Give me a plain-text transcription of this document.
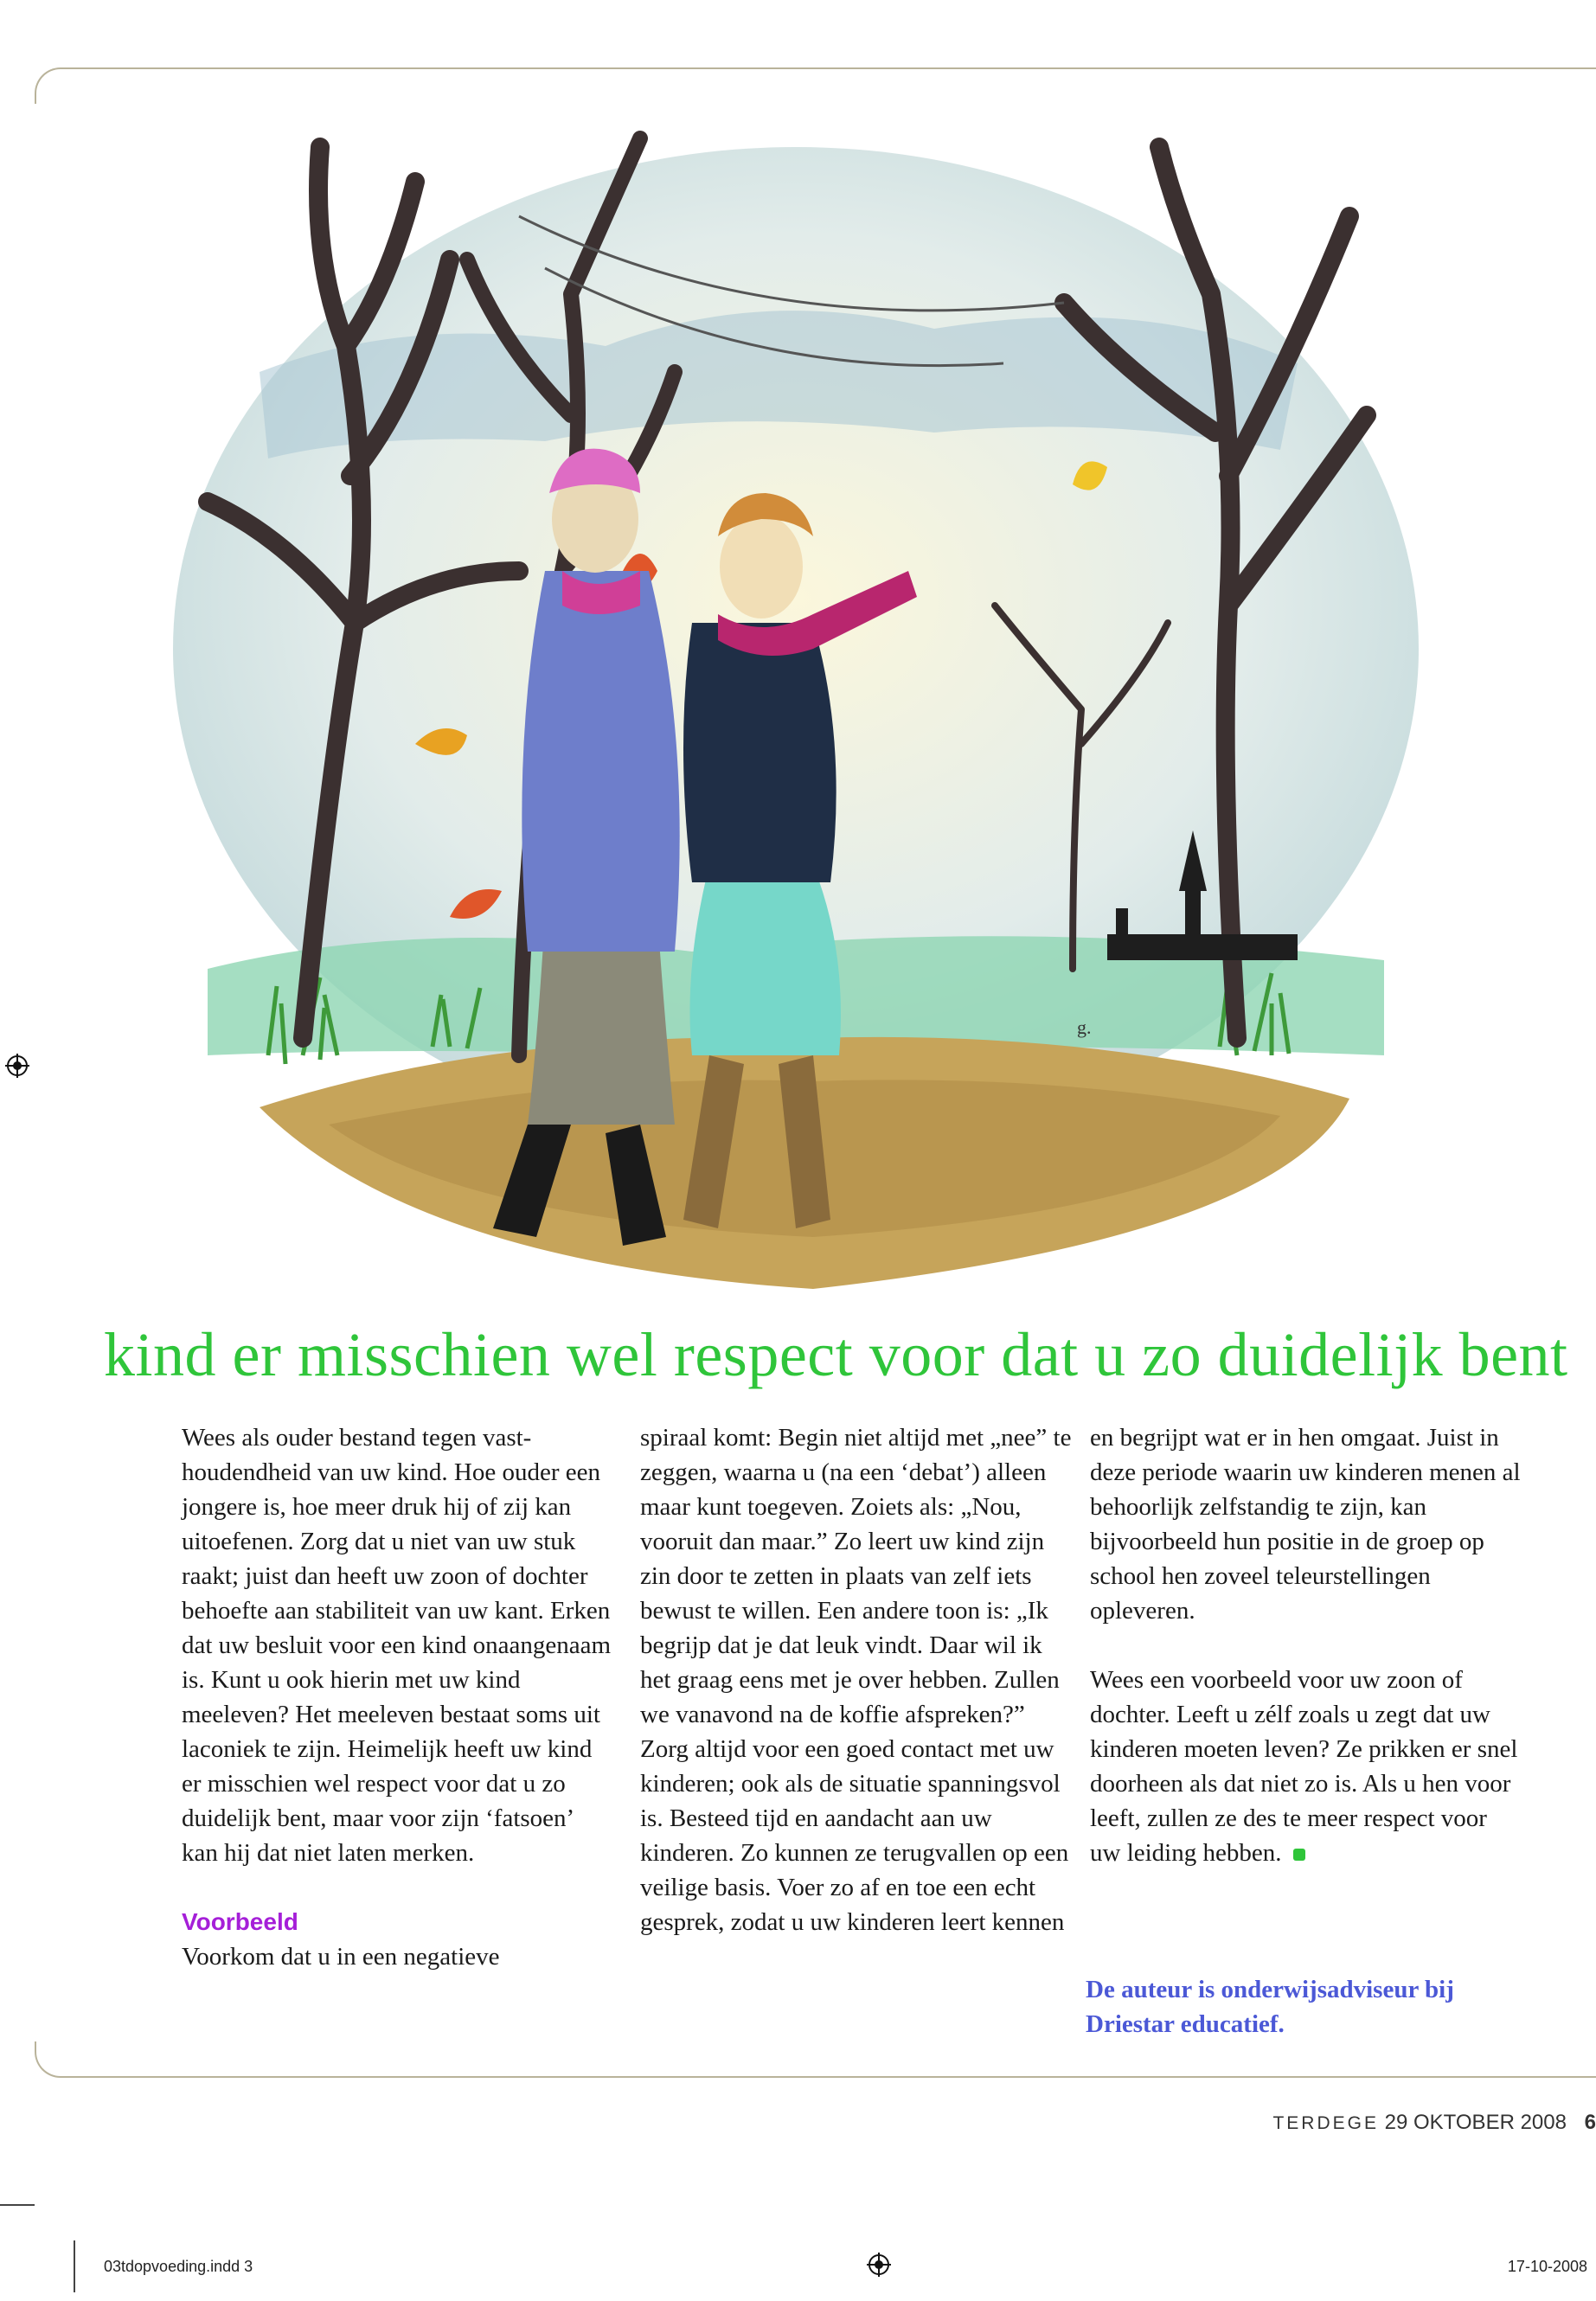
g.
kind er misschien wel respect voor dat u zo duidelijk bent

Wees als ouder bestand tegen vast-houdendheid van uw kind. Hoe ouder een jongere is, hoe meer druk hij of zij kan uitoefenen. Zorg dat u niet van uw stuk raakt; juist dan heeft uw zoon of dochter behoefte aan stabiliteit van uw kant. Erken dat uw besluit voor een kind onaangenaam is. Kunt u ook hierin met uw kind meeleven? Het meeleven bestaat soms uit laconiek te zijn. Heimelijk heeft uw kind er misschien wel respect voor dat u zo duidelijk bent, maar voor zijn ‘fatsoen’ kan hij dat niet laten merken.

Voorbeeld

Voorkom dat u in een negatieve

spiraal komt: Begin niet altijd met „nee” te zeggen, waarna u (na een ‘debat’) alleen maar kunt toegeven. Zoiets als: „Nou, vooruit dan maar.” Zo leert uw kind zijn zin door te zetten in plaats van zelf iets bewust te willen. Een andere toon is: „Ik begrijp dat je dat leuk vindt. Daar wil ik het graag eens met je over hebben. Zullen we vanavond na de koffie afspreken?”

Zorg altijd voor een goed contact met uw kinderen; ook als de situatie spanningsvol is. Besteed tijd en aandacht aan uw kinderen. Zo kunnen ze terugvallen op een veilige basis. Voer zo af en toe een echt gesprek, zodat u uw kinderen leert kennen

en begrijpt wat er in hen omgaat. Juist in deze periode waarin uw kinderen menen al behoorlijk zelfstandig te zijn, kan bijvoorbeeld hun positie in de groep op school hen zoveel teleurstellingen opleveren.

Wees een voorbeeld voor uw zoon of dochter. Leeft u zélf zoals u zegt dat uw kinderen moeten leven? Ze prikken er snel doorheen als dat niet zo is. Als u hen voor leeft, zullen ze des te meer respect voor uw leiding hebben.

De auteur is onderwijsadviseur bij Driestar educatief.
TERDEGE 29 OKTOBER 2008 6
03tdopvoeding.indd 3	17-10-2008
